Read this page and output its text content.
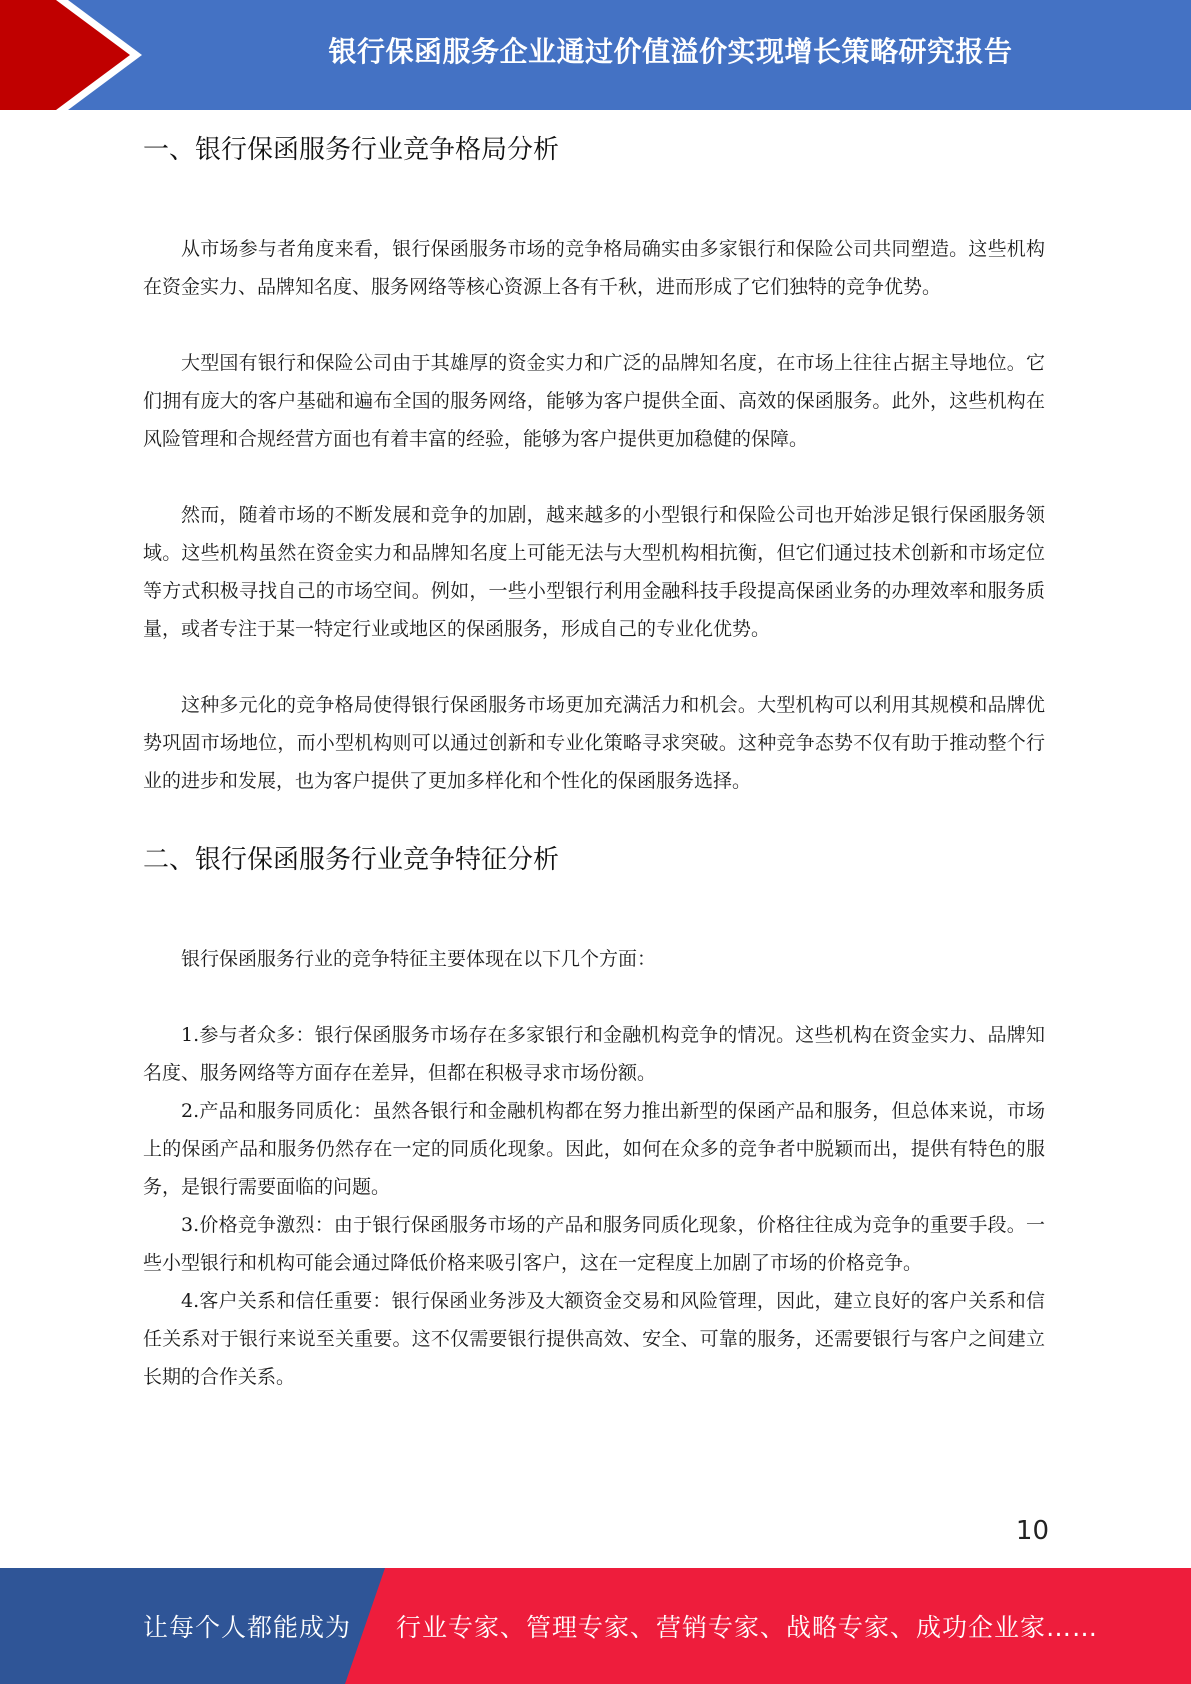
银行保函服务企业通过价值溢价实现增长策略研究报告
一、银行保函服务行业竞争格局分析

从市场参与者角度来看，银行保函服务市场的竞争格局确实由多家银行和保险公司共同塑造。这些机构在资金实力、品牌知名度、服务网络等核心资源上各有千秋，进而形成了它们独特的竞争优势。

大型国有银行和保险公司由于其雄厚的资金实力和广泛的品牌知名度，在市场上往往占据主导地位。它们拥有庞大的客户基础和遍布全国的服务网络，能够为客户提供全面、高效的保函服务。此外，这些机构在风险管理和合规经营方面也有着丰富的经验，能够为客户提供更加稳健的保障。

然而，随着市场的不断发展和竞争的加剧，越来越多的小型银行和保险公司也开始涉足银行保函服务领域。这些机构虽然在资金实力和品牌知名度上可能无法与大型机构相抗衡，但它们通过技术创新和市场定位等方式积极寻找自己的市场空间。例如，一些小型银行利用金融科技手段提高保函业务的办理效率和服务质量，或者专注于某一特定行业或地区的保函服务，形成自己的专业化优势。

这种多元化的竞争格局使得银行保函服务市场更加充满活力和机会。大型机构可以利用其规模和品牌优势巩固市场地位，而小型机构则可以通过创新和专业化策略寻求突破。这种竞争态势不仅有助于推动整个行业的进步和发展，也为客户提供了更加多样化和个性化的保函服务选择。

二、银行保函服务行业竞争特征分析

银行保函服务行业的竞争特征主要体现在以下几个方面：

1.参与者众多：银行保函服务市场存在多家银行和金融机构竞争的情况。这些机构在资金实力、品牌知名度、服务网络等方面存在差异，但都在积极寻求市场份额。

2.产品和服务同质化：虽然各银行和金融机构都在努力推出新型的保函产品和服务，但总体来说，市场上的保函产品和服务仍然存在一定的同质化现象。因此，如何在众多的竞争者中脱颖而出，提供有特色的服务，是银行需要面临的问题。

3.价格竞争激烈：由于银行保函服务市场的产品和服务同质化现象，价格往往成为竞争的重要手段。一些小型银行和机构可能会通过降低价格来吸引客户，这在一定程度上加剧了市场的价格竞争。

4.客户关系和信任重要：银行保函业务涉及大额资金交易和风险管理，因此，建立良好的客户关系和信任关系对于银行来说至关重要。这不仅需要银行提供高效、安全、可靠的服务，还需要银行与客户之间建立长期的合作关系。

10
让每个人都能成为 行业专家、管理专家、营销专家、战略专家、成功企业家……
